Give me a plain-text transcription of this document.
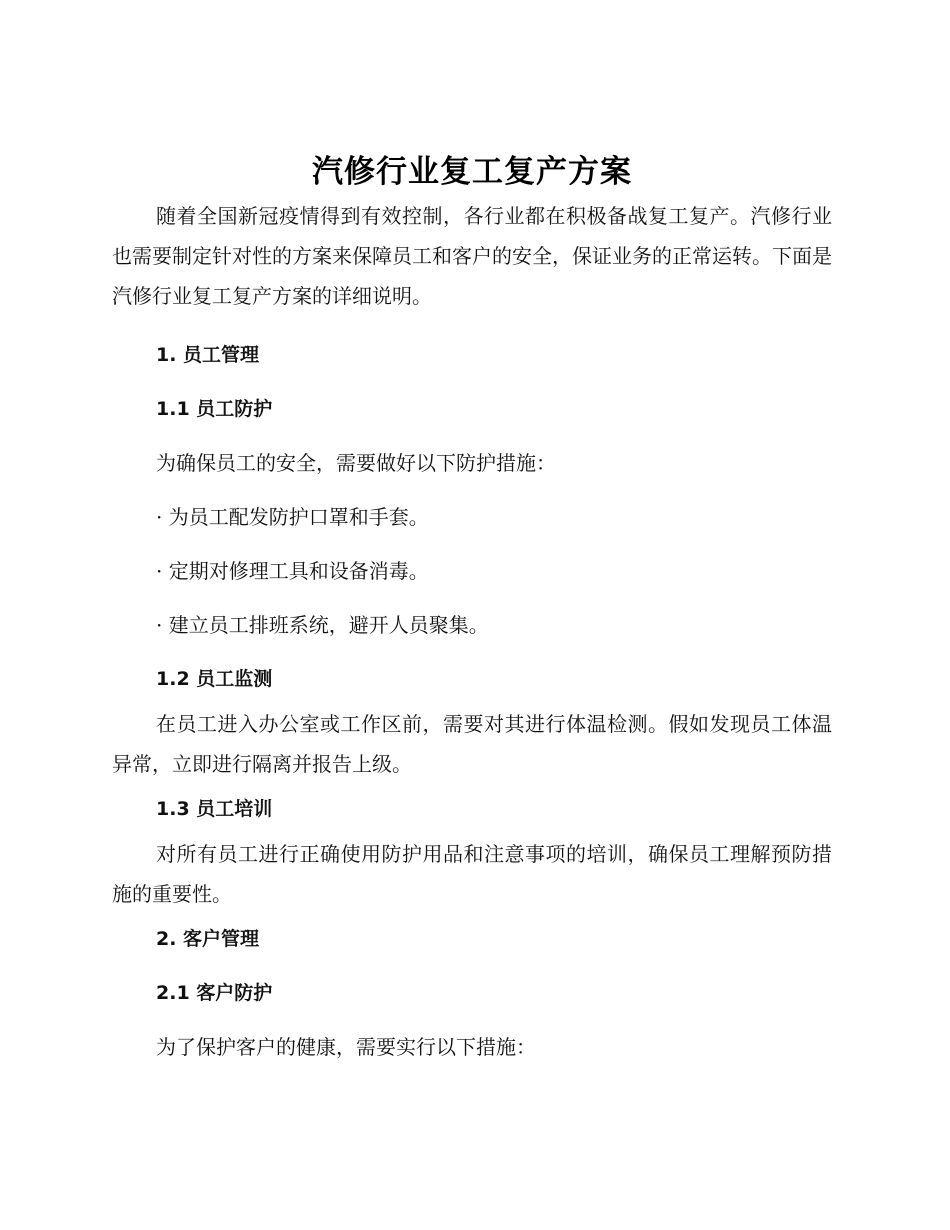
汽修行业复工复产方案

随着全国新冠疫情得到有效控制，各行业都在积极备战复工复产。汽修行业也需要制定针对性的方案来保障员工和客户的安全，保证业务的正常运转。下面是汽修行业复工复产方案的详细说明。

1. 员工管理

1.1 员工防护

为确保员工的安全，需要做好以下防护措施：

· 为员工配发防护口罩和手套。

· 定期对修理工具和设备消毒。

· 建立员工排班系统，避开人员聚集。

1.2 员工监测

在员工进入办公室或工作区前，需要对其进行体温检测。假如发现员工体温异常，立即进行隔离并报告上级。

1.3 员工培训

对所有员工进行正确使用防护用品和注意事项的培训，确保员工理解预防措施的重要性。

2. 客户管理

2.1 客户防护

为了保护客户的健康，需要实行以下措施：
